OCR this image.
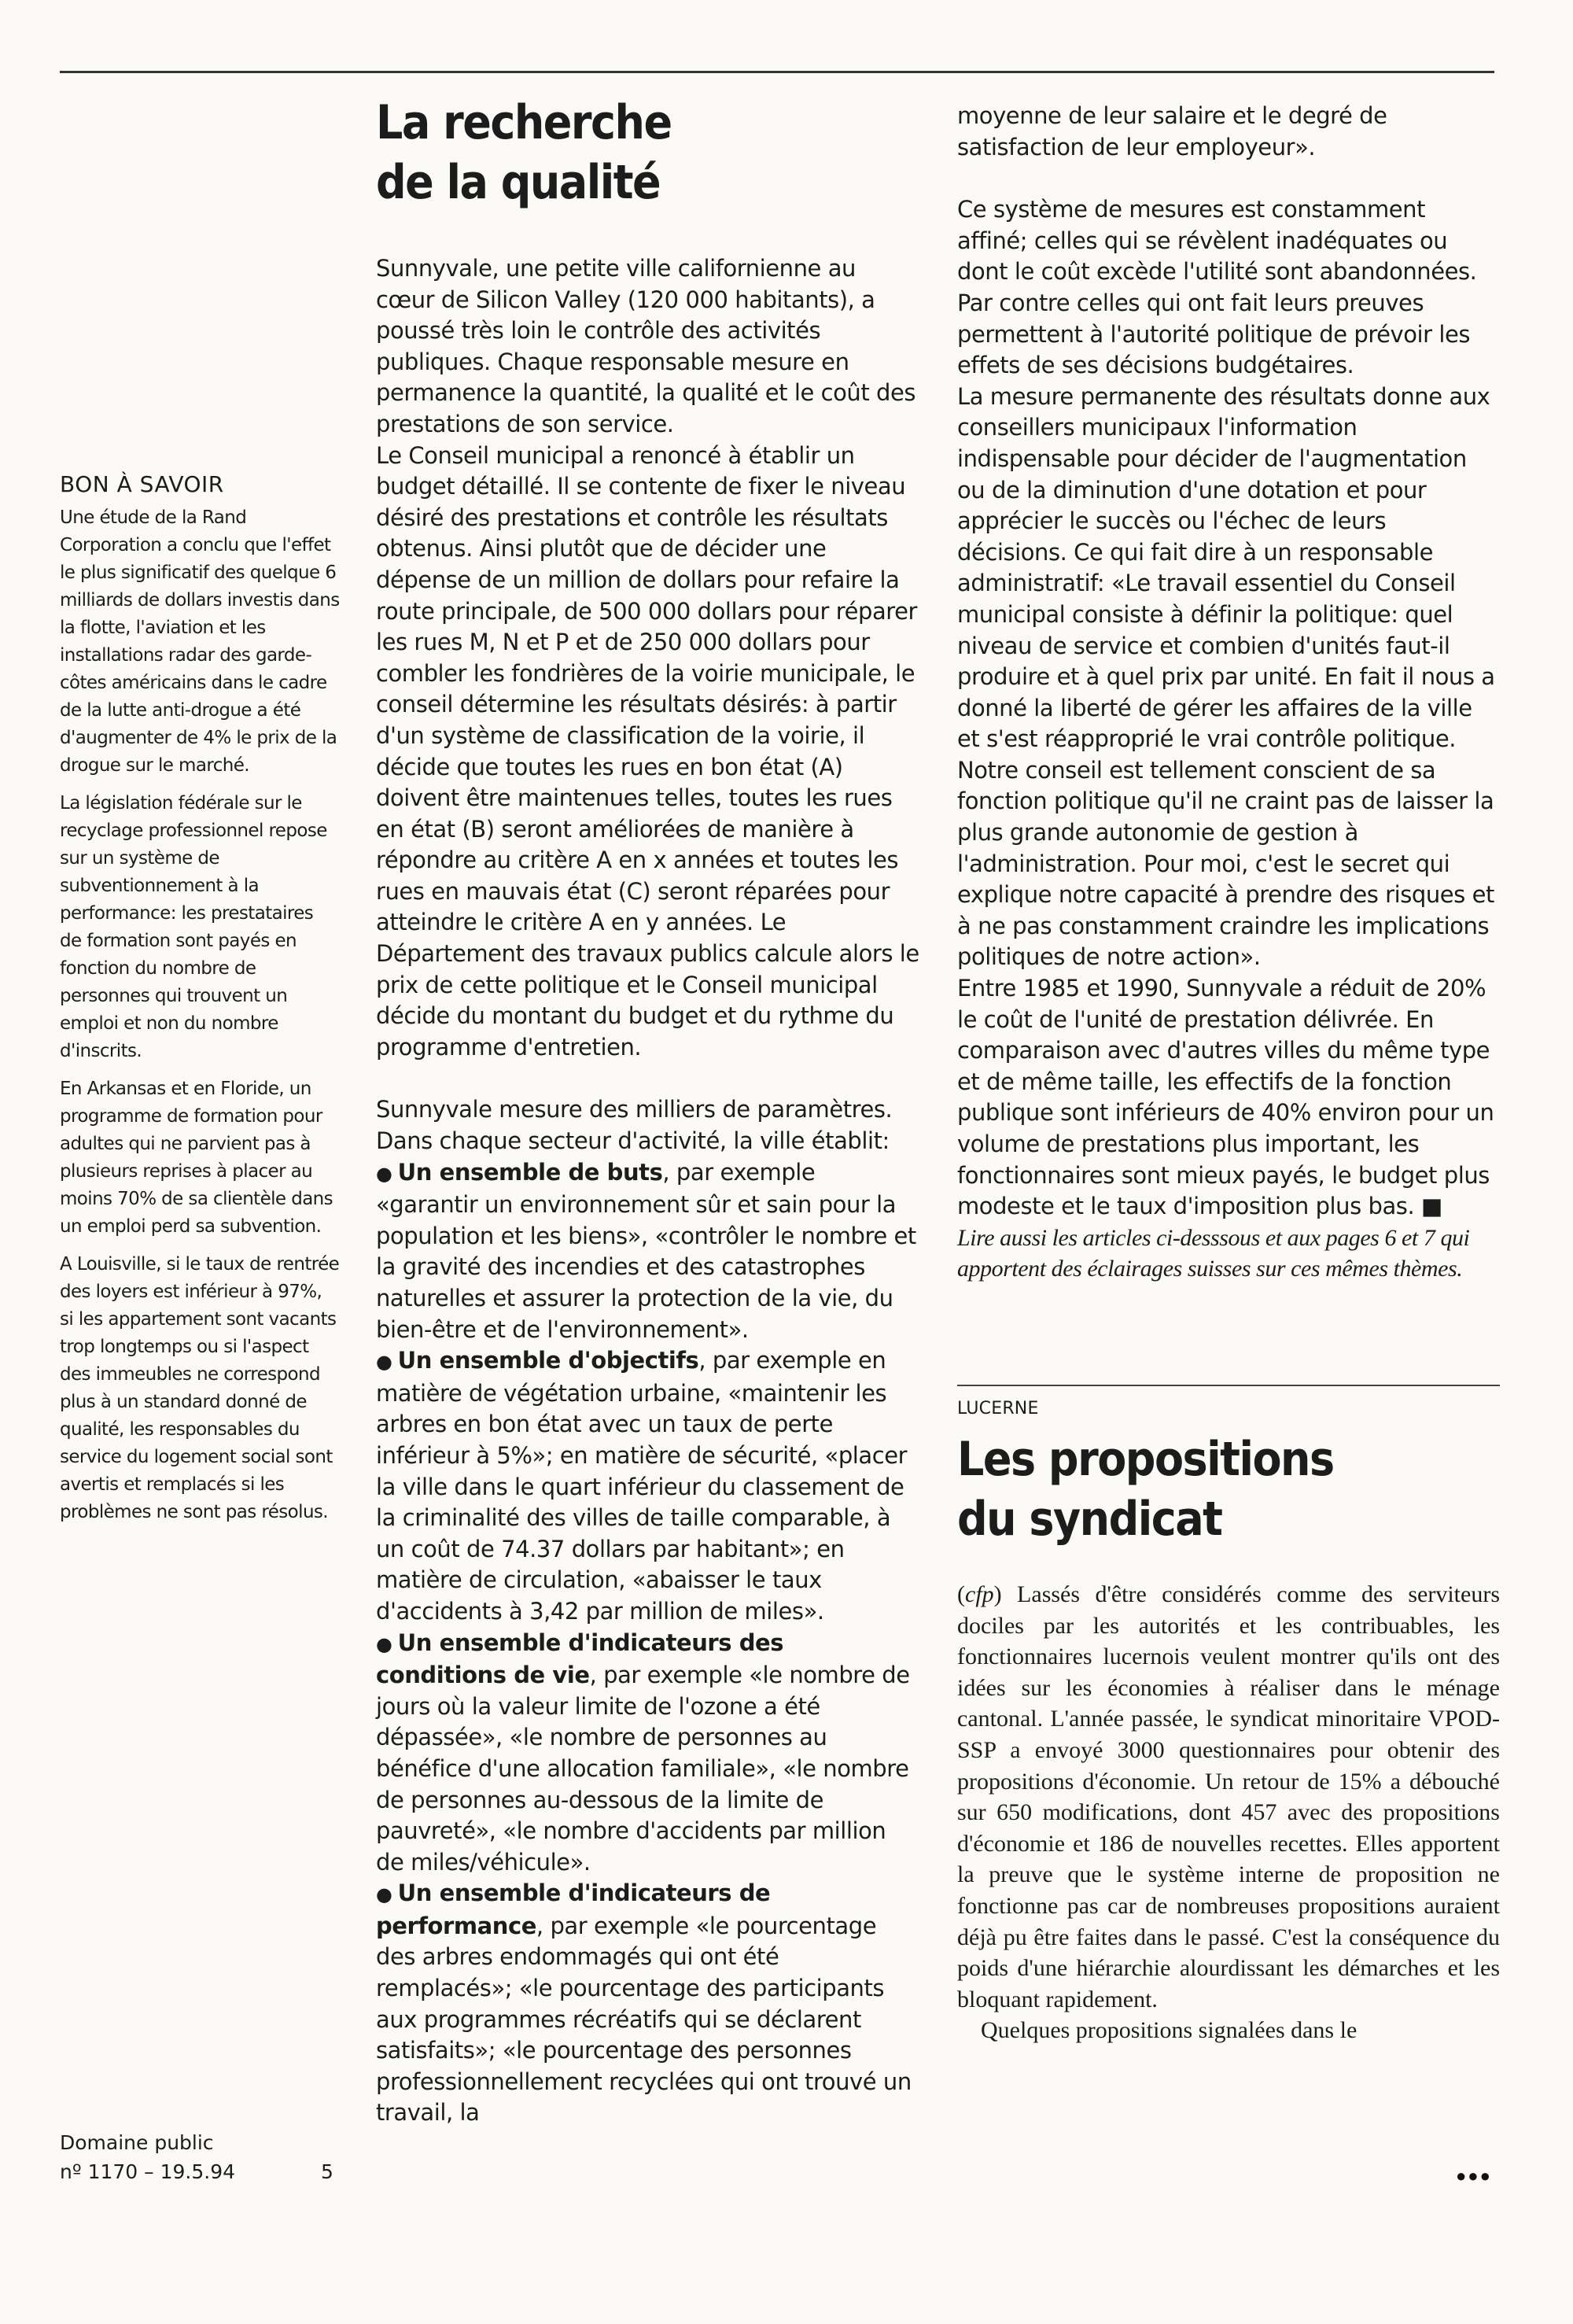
BON À SAVOIR

Une étude de la Rand Corporation a conclu que l'effet le plus significatif des quelque 6 milliards de dollars investis dans la flotte, l'aviation et les installations radar des garde-côtes américains dans le cadre de la lutte anti-drogue a été d'augmenter de 4% le prix de la drogue sur le marché.

La législation fédérale sur le recyclage professionnel repose sur un système de subventionnement à la performance: les prestataires de formation sont payés en fonction du nombre de personnes qui trouvent un emploi et non du nombre d'inscrits.

En Arkansas et en Floride, un programme de formation pour adultes qui ne parvient pas à plusieurs reprises à placer au moins 70% de sa clientèle dans un emploi perd sa subvention.

A Louisville, si le taux de rentrée des loyers est inférieur à 97%, si les appartement sont vacants trop longtemps ou si l'aspect des immeubles ne correspond plus à un standard donné de qualité, les responsables du service du logement social sont avertis et remplacés si les problèmes ne sont pas résolus.

Domaine public
nº 1170 – 19.5.94	5
La recherche
de la qualité

Sunnyvale, une petite ville californienne au cœur de Silicon Valley (120 000 habitants), a poussé très loin le contrôle des activités publiques. Chaque responsable mesure en permanence la quantité, la qualité et le coût des prestations de son service.

Le Conseil municipal a renoncé à établir un budget détaillé. Il se contente de fixer le niveau désiré des prestations et contrôle les résultats obtenus. Ainsi plutôt que de décider une dépense de un million de dollars pour refaire la route principale, de 500 000 dollars pour réparer les rues M, N et P et de 250 000 dollars pour combler les fondrières de la voirie municipale, le conseil détermine les résultats désirés: à partir d'un système de classification de la voirie, il décide que toutes les rues en bon état (A) doivent être maintenues telles, toutes les rues en état (B) seront améliorées de manière à répondre au critère A en x années et toutes les rues en mauvais état (C) seront réparées pour atteindre le critère A en y années. Le Département des travaux publics calcule alors le prix de cette politique et le Conseil municipal décide du montant du budget et du rythme du programme d'entretien.

Sunnyvale mesure des milliers de paramètres. Dans chaque secteur d'activité, la ville établit:

● Un ensemble de buts, par exemple «garantir un environnement sûr et sain pour la population et les biens», «contrôler le nombre et la gravité des incendies et des catastrophes naturelles et assurer la protection de la vie, du bien-être et de l'environnement».

● Un ensemble d'objectifs, par exemple en matière de végétation urbaine, «maintenir les arbres en bon état avec un taux de perte inférieur à 5%»; en matière de sécurité, «placer la ville dans le quart inférieur du classement de la criminalité des villes de taille comparable, à un coût de 74.37 dollars par habitant»; en matière de circulation, «abaisser le taux d'accidents à 3,42 par million de miles».

● Un ensemble d'indicateurs des conditions de vie, par exemple «le nombre de jours où la valeur limite de l'ozone a été dépassée», «le nombre de personnes au bénéfice d'une allocation familiale», «le nombre de personnes au-dessous de la limite de pauvreté», «le nombre d'accidents par million de miles/véhicule».

● Un ensemble d'indicateurs de performance, par exemple «le pourcentage des arbres endommagés qui ont été remplacés»; «le pourcentage des participants aux programmes récréatifs qui se déclarent satisfaits»; «le pourcentage des personnes professionnellement recyclées qui ont trouvé un travail, la

moyenne de leur salaire et le degré de satisfaction de leur employeur».

Ce système de mesures est constamment affiné; celles qui se révèlent inadéquates ou dont le coût excède l'utilité sont abandonnées. Par contre celles qui ont fait leurs preuves permettent à l'autorité politique de prévoir les effets de ses décisions budgétaires.

La mesure permanente des résultats donne aux conseillers municipaux l'information indispensable pour décider de l'augmentation ou de la diminution d'une dotation et pour apprécier le succès ou l'échec de leurs décisions. Ce qui fait dire à un responsable administratif: «Le travail essentiel du Conseil municipal consiste à définir la politique: quel niveau de service et combien d'unités faut-il produire et à quel prix par unité. En fait il nous a donné la liberté de gérer les affaires de la ville et s'est réapproprié le vrai contrôle politique. Notre conseil est tellement conscient de sa fonction politique qu'il ne craint pas de laisser la plus grande autonomie de gestion à l'administration. Pour moi, c'est le secret qui explique notre capacité à prendre des risques et à ne pas constamment craindre les implications politiques de notre action».

Entre 1985 et 1990, Sunnyvale a réduit de 20% le coût de l'unité de prestation délivrée. En comparaison avec d'autres villes du même type et de même taille, les effectifs de la fonction publique sont inférieurs de 40% environ pour un volume de prestations plus important, les fonctionnaires sont mieux payés, le budget plus modeste et le taux d'imposition plus bas. ■

Lire aussi les articles ci-desssous et aux pages 6 et 7 qui apportent des éclairages suisses sur ces mêmes thèmes.

LUCERNE
Les propositions
du syndicat

(cfp) Lassés d'être considérés comme des serviteurs dociles par les autorités et les contribuables, les fonctionnaires lucernois veulent montrer qu'ils ont des idées sur les économies à réaliser dans le ménage cantonal. L'année passée, le syndicat minoritaire VPOD-SSP a envoyé 3000 questionnaires pour obtenir des propositions d'économie. Un retour de 15% a débouché sur 650 modifications, dont 457 avec des propositions d'économie et 186 de nouvelles recettes. Elles apportent la preuve que le système interne de proposition ne fonctionne pas car de nombreuses propositions auraient déjà pu être faites dans le passé. C'est la conséquence du poids d'une hiérarchie alourdissant les démarches et les bloquant rapidement.

Quelques propositions signalées dans le

●●●
